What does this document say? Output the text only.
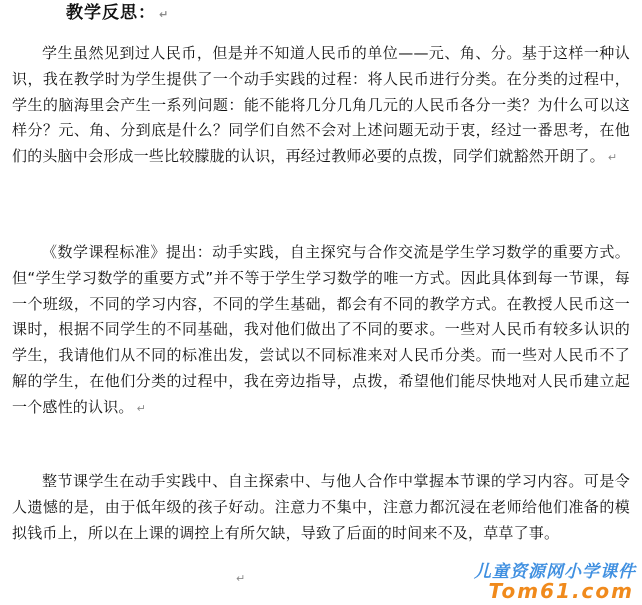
教学反思： ↵

学生虽然见到过人民币，但是并不知道人民币的单位——元、角、分。基于这样一种认识，我在教学时为学生提供了一个动手实践的过程：将人民币进行分类。在分类的过程中，学生的脑海里会产生一系列问题：能不能将几分几角几元的人民币各分一类？为什么可以这样分？元、角、分到底是什么？同学们自然不会对上述问题无动于衷，经过一番思考，在他们的头脑中会形成一些比较朦胧的认识，再经过教师必要的点拨，同学们就豁然开朗了。 ↵

《数学课程标准》提出：动手实践，自主探究与合作交流是学生学习数学的重要方式。但“学生学习数学的重要方式”并不等于学生学习数学的唯一方式。因此具体到每一节课，每一个班级，不同的学习内容，不同的学生基础，都会有不同的教学方式。在教授人民币这一课时，根据不同学生的不同基础，我对他们做出了不同的要求。一些对人民币有较多认识的学生，我请他们从不同的标准出发，尝试以不同标准来对人民币分类。而一些对人民币不了解的学生，在他们分类的过程中，我在旁边指导，点拨，希望他们能尽快地对人民币建立起一个感性的认识。 ↵

整节课学生在动手实践中、自主探索中、与他人合作中掌握本节课的学习内容。可是令人遗憾的是，由于低年级的孩子好动。注意力不集中，注意力都沉浸在老师给他们准备的模拟钱币上，所以在上课的调控上有所欠缺，导致了后面的时间来不及，草草了事。

↵	儿童资源网小学课件
Tom61.com
